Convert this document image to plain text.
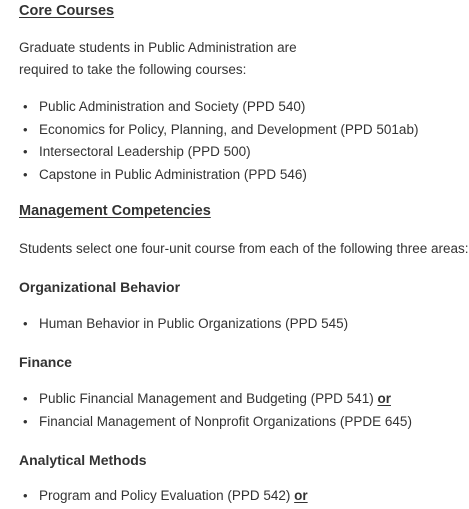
Core Courses
Graduate students in Public Administration are
required to take the following courses:
• Public Administration and Society (PPD 540)
• Economics for Policy, Planning, and Development (PPD 501ab)
• Intersectoral Leadership (PPD 500)
• Capstone in Public Administration (PPD 546)
Management Competencies
Students select one four-unit course from each of the following three areas:
Organizational Behavior
• Human Behavior in Public Organizations (PPD 545)
Finance
• Public Financial Management and Budgeting (PPD 541) or
• Financial Management of Nonprofit Organizations (PPDE 645)
Analytical Methods
• Program and Policy Evaluation (PPD 542) or
